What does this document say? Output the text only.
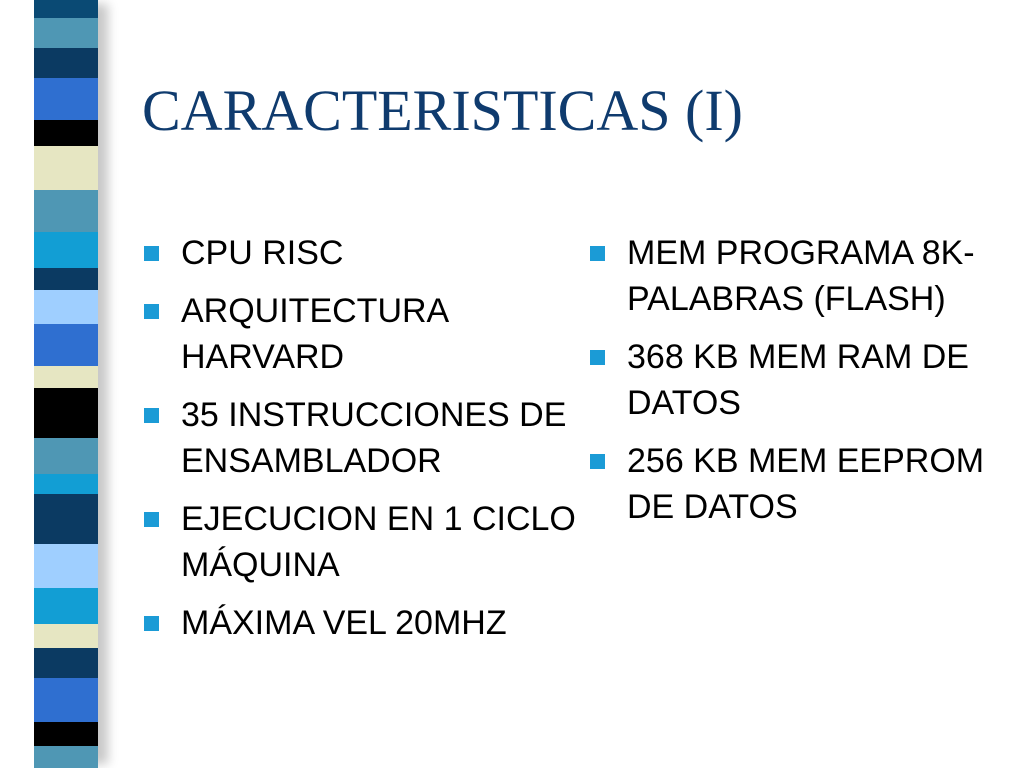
CARACTERISTICAS (I)
CPU RISC
ARQUITECTURA HARVARD
35 INSTRUCCIONES DE ENSAMBLADOR
EJECUCION EN 1 CICLO MÁQUINA
MÁXIMA VEL 20MHZ
MEM PROGRAMA 8K-PALABRAS (FLASH)
368 KB MEM RAM DE DATOS
256 KB MEM EEPROM DE DATOS
